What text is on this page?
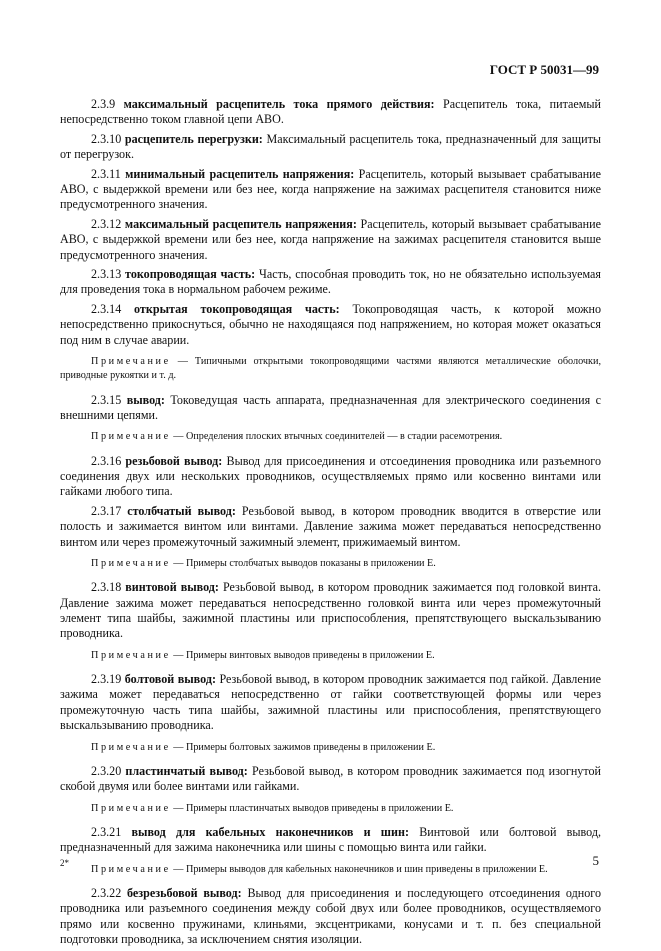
ГОСТ Р 50031—99

2.3.9 максимальный расцепитель тока прямого действия: Расцепитель тока, питаемый непосредственно током главной цепи АВО.

2.3.10 расцепитель перегрузки: Максимальный расцепитель тока, предназначенный для защиты от перегрузок.

2.3.11 минимальный расцепитель напряжения: Расцепитель, который вызывает срабатывание АВО, с выдержкой времени или без нее, когда напряжение на зажимах расцепителя становится ниже предусмотренного значения.

2.3.12 максимальный расцепитель напряжения: Расцепитель, который вызывает срабатывание АВО, с выдержкой времени или без нее, когда напряжение на зажимах расцепителя становится выше предусмотренного значения.

2.3.13 токопроводящая часть: Часть, способная проводить ток, но не обязательно используемая для проведения тока в нормальном рабочем режиме.

2.3.14 открытая токопроводящая часть: Токопроводящая часть, к которой можно непосредственно прикоснуться, обычно не находящаяся под напряжением, но которая может оказаться под ним в случае аварии.

Примечание — Типичными открытыми токопроводящими частями являются металлические оболочки, приводные рукоятки и т. д.

2.3.15 вывод: Токоведущая часть аппарата, предназначенная для электрического соединения с внешними цепями.

Примечание — Определения плоских втычных соединителей — в стадии расемотрения.

2.3.16 резьбовой вывод: Вывод для присоединения и отсоединения проводника или разъемного соединения двух или нескольких проводников, осуществляемых прямо или косвенно винтами или гайками любого типа.

2.3.17 столбчатый вывод: Резьбовой вывод, в котором проводник вводится в отверстие или полость и зажимается винтом или винтами. Давление зажима может передаваться непосредственно винтом или через промежуточный зажимный элемент, прижимаемый винтом.

Примечание — Примеры столбчатых выводов показаны в приложении Е.

2.3.18 винтовой вывод: Резьбовой вывод, в котором проводник зажимается под головкой винта. Давление зажима может передаваться непосредственно головкой винта или через промежуточный элемент типа шайбы, зажимной пластины или приспособления, препятствующего выскальзыванию проводника.

Примечание — Примеры винтовых выводов приведены в приложении Е.

2.3.19 болтовой вывод: Резьбовой вывод, в котором проводник зажимается под гайкой. Давление зажима может передаваться непосредственно от гайки соответствующей формы или через промежуточную часть типа шайбы, зажимной пластины или приспособления, препятствующего выскальзыванию проводника.

Примечание — Примеры болтовых зажимов приведены в приложении Е.

2.3.20 пластинчатый вывод: Резьбовой вывод, в котором проводник зажимается под изогнутой скобой двумя или более винтами или гайками.

Примечание — Примеры пластинчатых выводов приведены в приложении Е.

2.3.21 вывод для кабельных наконечников и шин: Винтовой или болтовой вывод, предназначенный для зажима наконечника или шины с помощью винта или гайки.

Примечание — Примеры выводов для кабельных наконечников и шин приведены в приложении Е.

2.3.22 безрезьбовой вывод: Вывод для присоединения и последующего отсоединения одного проводника или разъемного соединения между собой двух или более проводников, осуществляемого прямо или косвенно пружинами, клиньями, эксцентриками, конусами и т. п. без специальной подготовки проводника, за исключением снятия изоляции.

2*	5
